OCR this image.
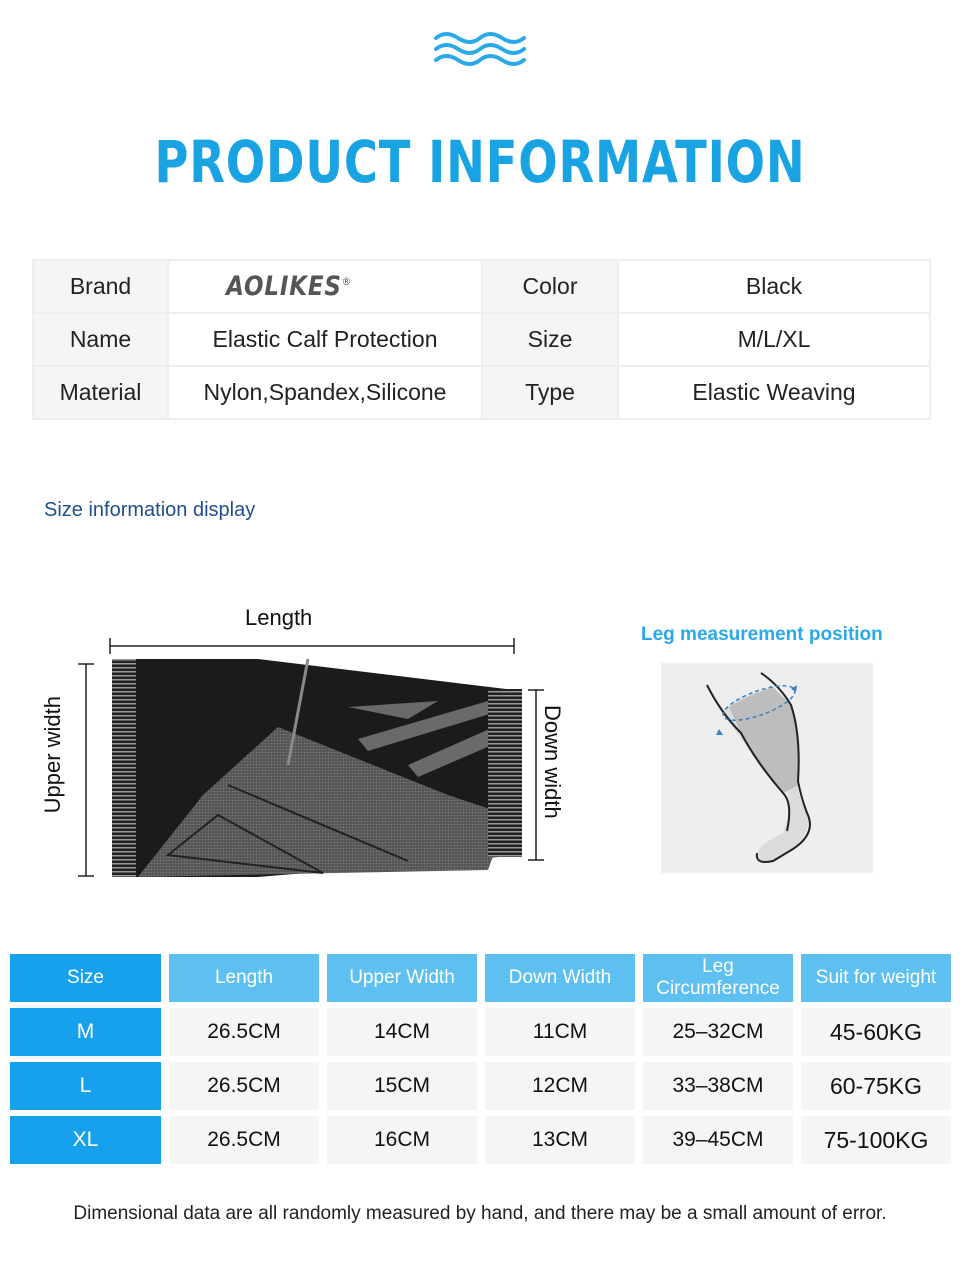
PRODUCT INFORMATION
Brand	AOLIKES®	Color	Black
Name	Elastic Calf Protection	Size	M/L/XL
Material	Nylon,Spandex,Silicone	Type	Elastic Weaving
Size information display
Length
Upper width	Down width
Leg measurement position
Size	Length	Upper Width	Down Width	Leg Circumference	Suit for weight
M	26.5CM	14CM	11CM	25–32CM	45-60KG
L	26.5CM	15CM	12CM	33–38CM	60-75KG
XL	26.5CM	16CM	13CM	39–45CM	75-100KG
Dimensional data are all randomly measured by hand, and there may be a small amount of error.
